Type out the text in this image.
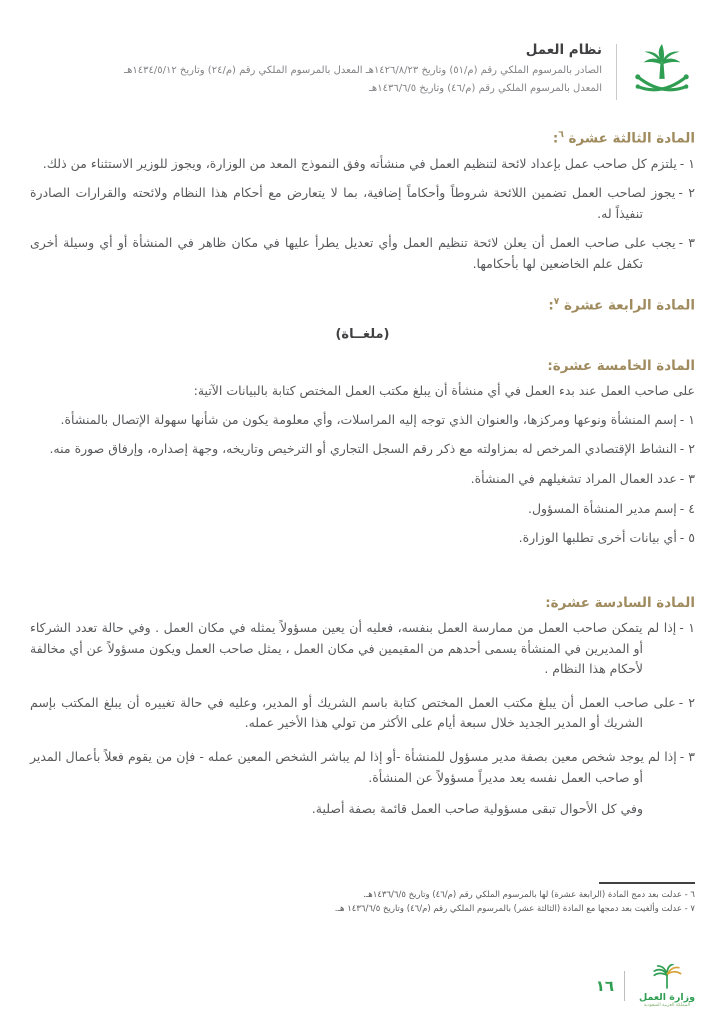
نظام العمل
الصادر بالمرسوم الملكي رقم (م/٥١) وتاريخ ١٤٢٦/٨/٢٣هـ المعدل بالمرسوم الملكي رقم (م/٢٤) وتاريخ ١٤٣٤/٥/١٢هـ
المعدل بالمرسوم الملكي رقم (م/٤٦) وتاريخ ١٤٣٦/٦/٥هـ
المادة الثالثة عشرة $^٦$:

١ -يلتزم كل صاحب عمل بإعداد لائحة لتنظيم العمل في منشأته وفق النموذج المعد من الوزارة، ويجوز للوزير الاستثناء من ذلك.

٢ -يجوز لصاحب العمل تضمين اللائحة شروطاً وأحكاماً إضافية، بما لا يتعارض مع أحكام هذا النظام ولائحته والقرارات الصادرة تنفيذاً له.

٣ -يجب على صاحب العمل أن يعلن لائحة تنظيم العمل وأي تعديل يطرأ عليها في مكان ظاهر في المنشأة أو أي وسيلة أخرى تكفل علم الخاضعين لها بأحكامها.

المادة الرابعة عشرة $^٧$:

(ملغــاة)

المادة الخامسة عشرة:

على صاحب العمل عند بدء العمل في أي منشأة أن يبلغ مكتب العمل المختص كتابة بالبيانات الآتية:

١ -إسم المنشأة ونوعها ومركزها، والعنوان الذي توجه إليه المراسلات، وأي معلومة يكون من شأنها سهولة الإتصال بالمنشأة.

٢ -النشاط الإقتصادي المرخص له بمزاولته مع ذكر رقم السجل التجاري أو الترخيص وتاريخه، وجهة إصداره، وإرفاق صورة منه.

٣ -عدد العمال المراد تشغيلهم في المنشأة.

٤ -إسم مدير المنشأة المسؤول.

٥ -أي بيانات أخرى تطلبها الوزارة.

المادة السادسة عشرة:

١ -إذا لم يتمكن صاحب العمل من ممارسة العمل بنفسه، فعليه أن يعين مسؤولاً يمثله في مكان العمل . وفي حالة تعدد الشركاء أو المديرين في المنشأة يسمى أحدهم من المقيمين في مكان العمل ، يمثل صاحب العمل ويكون مسؤولاً عن أي مخالفة لأحكام هذا النظام .

٢ -على صاحب العمل أن يبلغ مكتب العمل المختص كتابة باسم الشريك أو المدير، وعليه في حالة تغييره أن يبلغ المكتب بإسم الشريك أو المدير الجديد خلال سبعة أيام على الأكثر من تولي هذا الأخير عمله.

٣ -إذا لم يوجد شخص معين بصفة مدير مسؤول للمنشأة -أو إذا لم يباشر الشخص المعين عمله - فإن من يقوم فعلاً بأعمال المدير أو صاحب العمل نفسه يعد مديراً مسؤولاً عن المنشأة.

وفي كل الأحوال تبقى مسؤولية صاحب العمل قائمة بصفة أصلية.

٦ - عدلت بعد دمج المادة (الرابعة عشرة) لها بالمرسوم الملكي رقم (م/٤٦) وتاريخ ١٤٣٦/٦/٥هـ.
٧ - عدلت وألغيت بعد دمجها مع المادة (الثالثة عشر) بالمرسوم الملكي رقم (م/٤٦) وتاريخ ١٤٣٦/٦/٥ هـ.
وزارة العمل
المملكة العربية السعودية
١٦
